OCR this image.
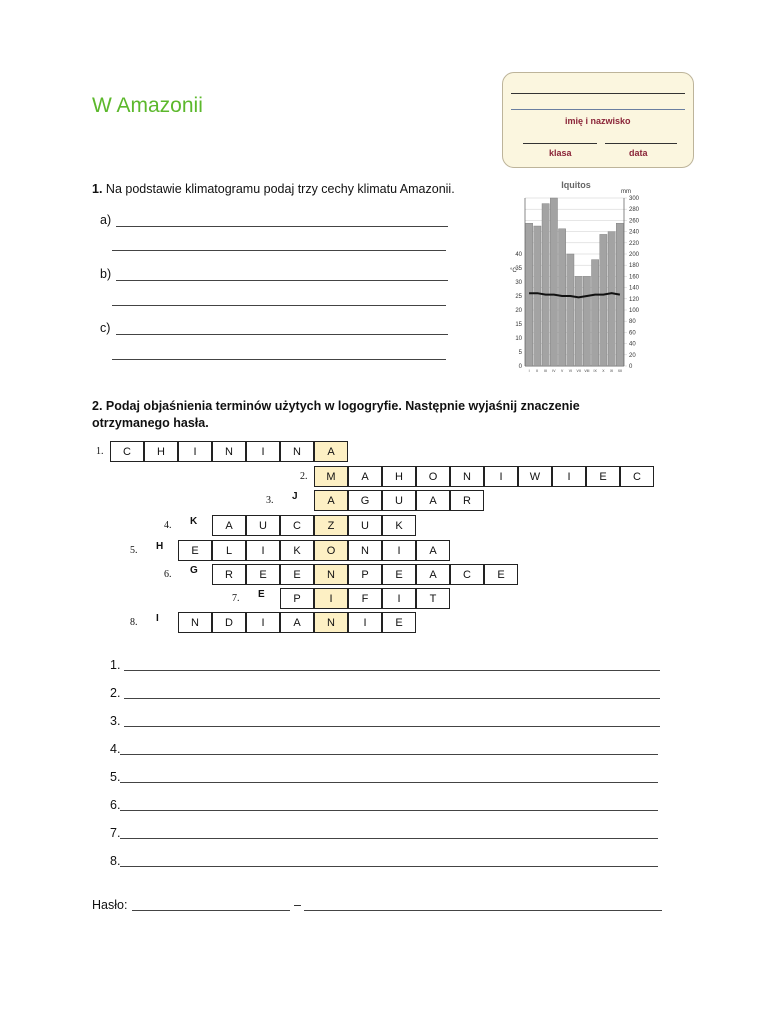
W Amazonii
imię i nazwisko
klasa	data
1. Na podstawie klimatogramu podaj trzy cechy klimatu Amazonii.
a)
b)
c)
Iquitos
°C
mm
300
280
260
240
220
200
180
160
140
120
100
80
60
40
20
0
40
35
30
25
20
15
10
5
0
I II III IV V VI VII VIII IX X XI XII
2. Podaj objaśnienia terminów użytych w logogryfie. Następnie wyjaśnij znaczenie otrzymanego hasła.
1.	C	H	I	N	I	N	A
2.	M	A	H	O	N	I	W	I	E	C
3.	J	A	G	U	A	R
4.	K	A	U	C	Z	U	K
5.	H	E	L	I	K	O	N	I	A
6.	G	R	E	E	N	P	E	A	C	E
7.	E	P	I	F	I	T
8.	I	N	D	I	A	N	I	E
1.
2.
3.
4.
5.
6.
7.
8.
Hasło:	–
